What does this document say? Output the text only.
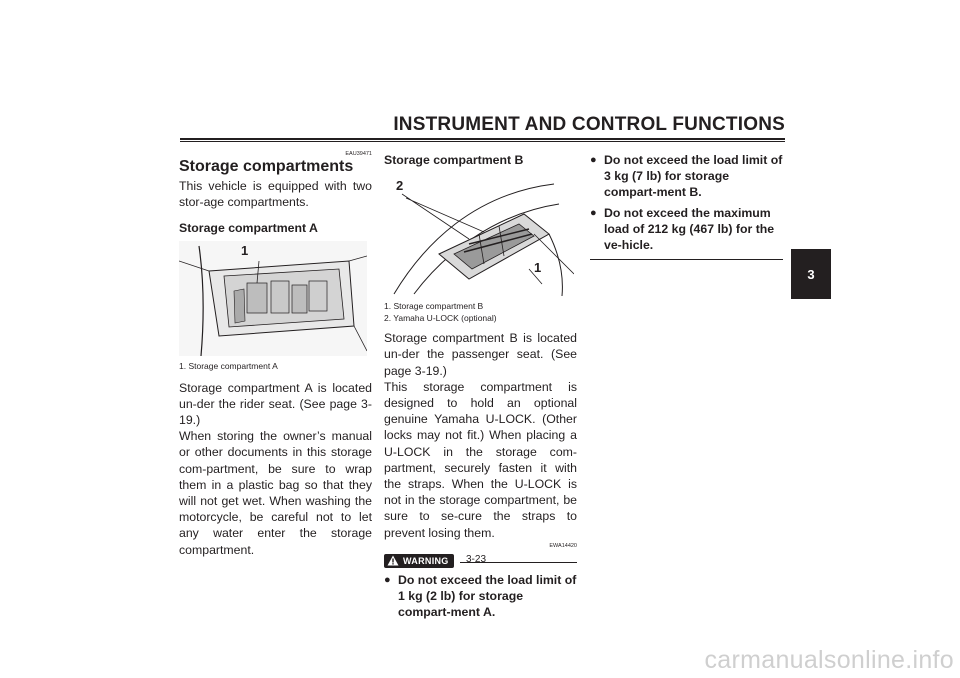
INSTRUMENT AND CONTROL FUNCTIONS
3
EAU39471
Storage compartments

This vehicle is equipped with two stor-age compartments.

Storage compartment A

1
1. Storage compartment A

Storage compartment A is located un-der the rider seat. (See page 3-19.)

When storing the owner’s manual or other documents in this storage com-partment, be sure to wrap them in a plastic bag so that they will not get wet. When washing the motorcycle, be careful not to let any water enter the storage compartment.

Storage compartment B

2
1
1. Storage compartment B
2. Yamaha U-LOCK (optional)

Storage compartment B is located un-der the passenger seat. (See page 3-19.)

This storage compartment is designed to hold an optional genuine Yamaha U-LOCK. (Other locks may not fit.) When placing a U-LOCK in the storage com-partment, securely fasten it with the straps. When the U-LOCK is not in the storage compartment, be sure to se-cure the straps to prevent losing them.

EWA14420
WARNING
● Do not exceed the load limit of 1 kg (2 lb) for storage compart-ment A.
● Do not exceed the load limit of 3 kg (7 lb) for storage compart-ment B.
● Do not exceed the maximum load of 212 kg (467 lb) for the ve-hicle.
3-23
carmanualsonline.info
